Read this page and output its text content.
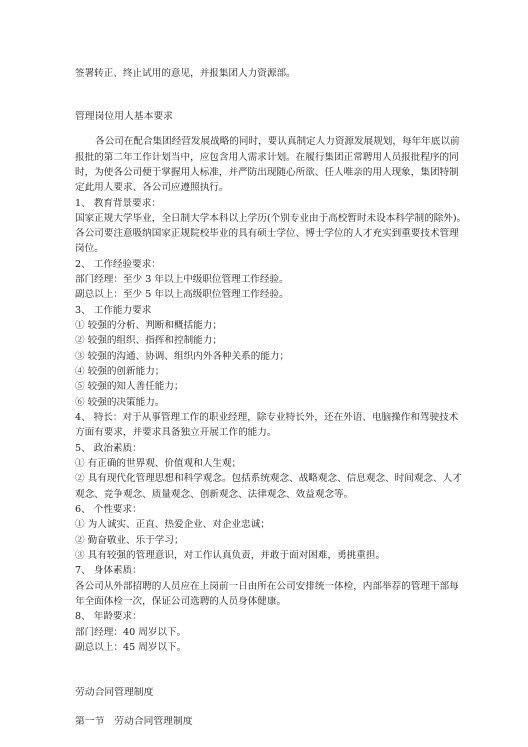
签署转正、终止试用的意见，并报集团人力资源部。
管理岗位用人基本要求
各公司在配合集团经营发展战略的同时，要认真制定人力资源发展规划，每年年底以前
报批的第二年工作计划当中，应包含用人需求计划。在履行集团正常聘用人员报批程序的同
时，为使各公司便于掌握用人标准，并严防出现随心所欲、任人唯亲的用人现象，集团特制
定此用人要求、各公司应遵照执行。
1、 教育背景要求：
国家正规大学毕业，全日制大学本科以上学历(个别专业由于高校暂时未设本科学制的除外)。
各公司要注意吸纳国家正规院校毕业的具有硕士学位、博士学位的人才充实到重要技术管理
岗位。
2、 工作经验要求：
部门经理：至少 3 年以上中级职位管理工作经验。
副总以上：至少 5 年以上高级职位管理工作经验。
3、 工作能力要求
① 较强的分析、判断和概括能力；
② 较强的组织、指挥和控制能力；
③ 较强的沟通、协调、组织内外各种关系的能力；
④ 较强的创新能力；
⑤ 较强的知人善任能力；
⑥ 较强的决策能力。
4、 特长：对于从事管理工作的职业经理，除专业特长外，还在外语、电脑操作和驾驶技术
方面有要求，并要求具备独立开展工作的能力。
5、 政治素质：
① 有正确的世界观、价值观和人生观；
② 具有现代化管理思想和科学观念。包括系统观念、战略观念、信息观念、时间观念、人才
观念、竞争观念、质量观念、创新观念、法律观念、效益观念等。
6、 个性要求：
① 为人诚实、正直、热爱企业、对企业忠诚；
② 勤奋敬业、乐于学习；
③ 具有较强的管理意识，对工作认真负责，并敢于面对困难，勇挑重担。
7、 身体素质：
各公司从外部招聘的人员应在上岗前一日由所在公司安排统一体检，内部举荐的管理干部每
年全面体检一次，保证公司选聘的人员身体健康。
8、 年龄要求：
部门经理：40 周岁以下。
副总以上：45 周岁以下。
劳动合同管理制度
第一节　劳动合同管理制度
